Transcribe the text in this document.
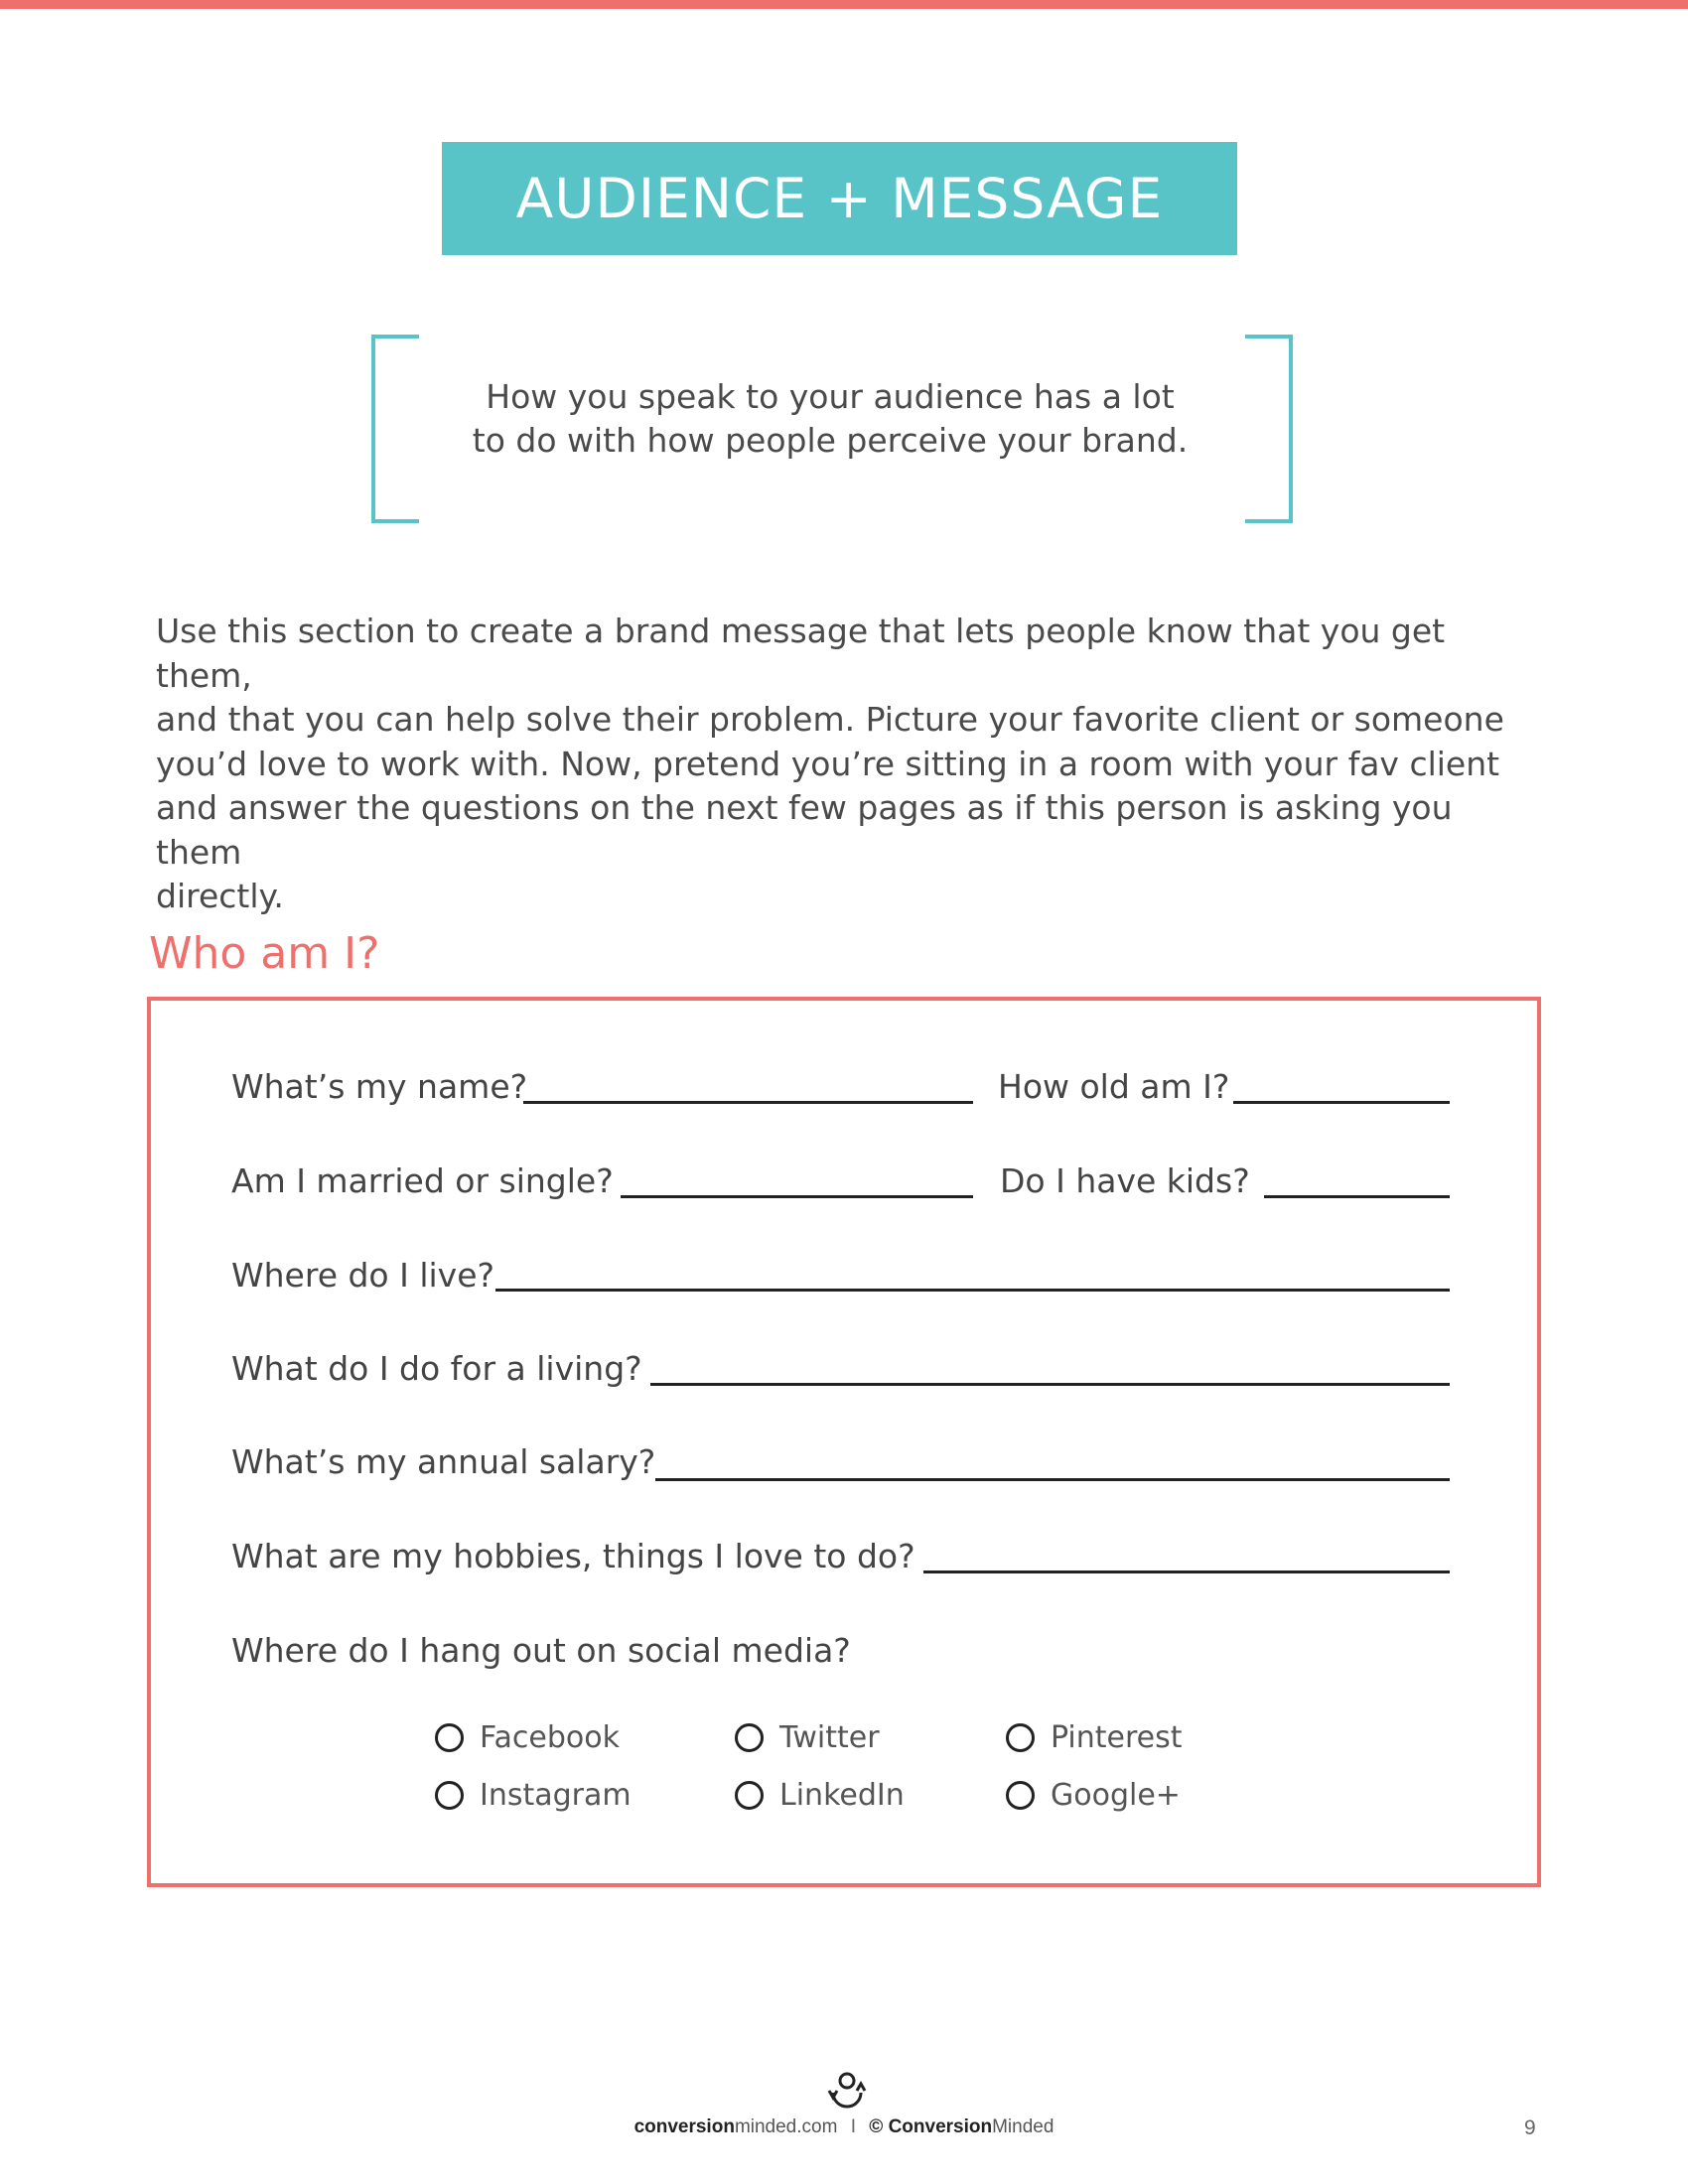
AUDIENCE + MESSAGE
How you speak to your audience has a lot
to do with how people perceive your brand.
Use this section to create a brand message that lets people know that you get them,
and that you can help solve their problem. Picture your favorite client or someone
you’d love to work with. Now, pretend you’re sitting in a room with your fav client
and answer the questions on the next few pages as if this person is asking you them
directly.
Who am I?
What’s my name?	How old am I?
Am I married or single?	Do I have kids?
Where do I live?
What do I do for a living?
What’s my annual salary?
What are my hobbies, things I love to do?
Where do I hang out on social media?
Facebook	Twitter	Pinterest
Instagram	LinkedIn	Google+
conversionminded.com I © ConversionMinded	9
